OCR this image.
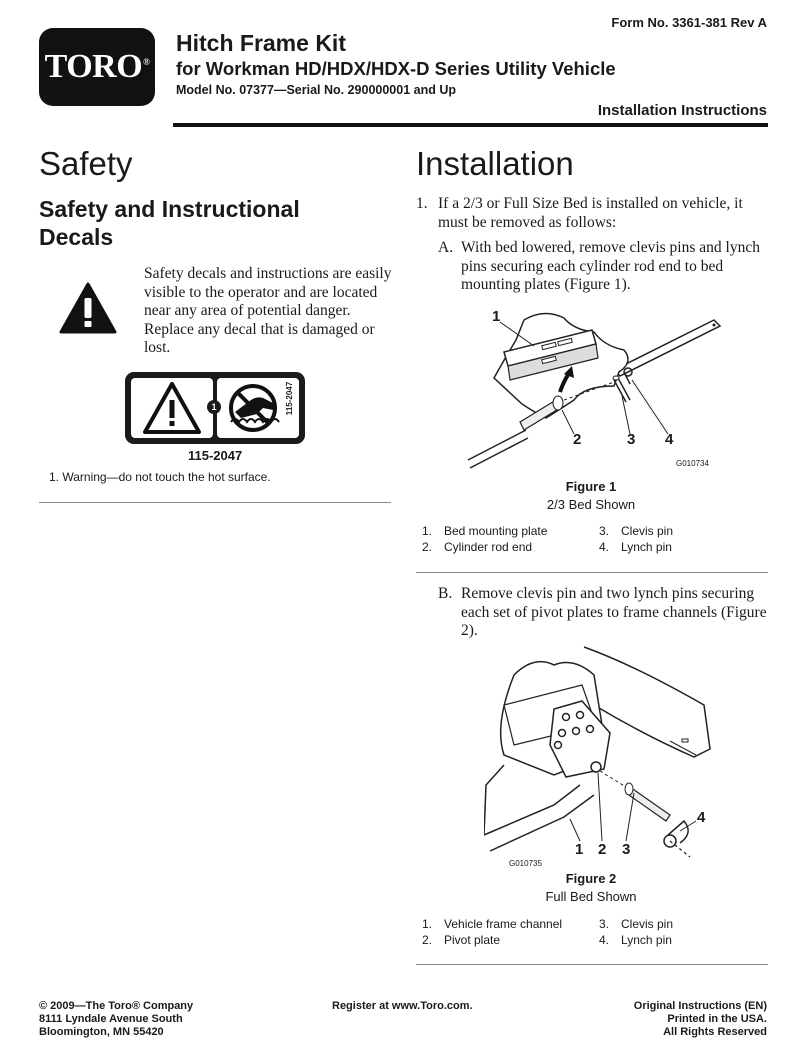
TORO®
Form No. 3361-381 Rev A
Hitch Frame Kit
for Workman HD/HDX/HDX-D Series Utility Vehicle
Model No. 07377—Serial No. 290000001 and Up
Installation Instructions
Safety
Safety and Instructional Decals
Safety decals and instructions are easily visible to the operator and are located near any area of potential danger. Replace any decal that is damaged or lost.
1	115-2047
115-2047
1. Warning—do not touch the hot surface.
Installation
1. If a 2/3 or Full Size Bed is installed on vehicle, it must be removed as follows:
A. With bed lowered, remove clevis pins and lynch pins securing each cylinder rod end to bed mounting plates (Figure 1).
1
2	3 4
G010734
Figure 1
2/3 Bed Shown
1.	Bed mounting plate	3.	Clevis pin
2.	Cylinder rod end	4.	Lynch pin
B. Remove clevis pin and two lynch pins securing each set of pivot plates to frame channels (Figure 2).
1 2 3
4
G010735
Figure 2
Full Bed Shown
1.	Vehicle frame channel	3.	Clevis pin
2.	Pivot plate	4.	Lynch pin
© 2009—The Toro® Company
8111 Lyndale Avenue South
Bloomington, MN 55420
Register at www.Toro.com.	Original Instructions (EN)
Printed in the USA.
All Rights Reserved
